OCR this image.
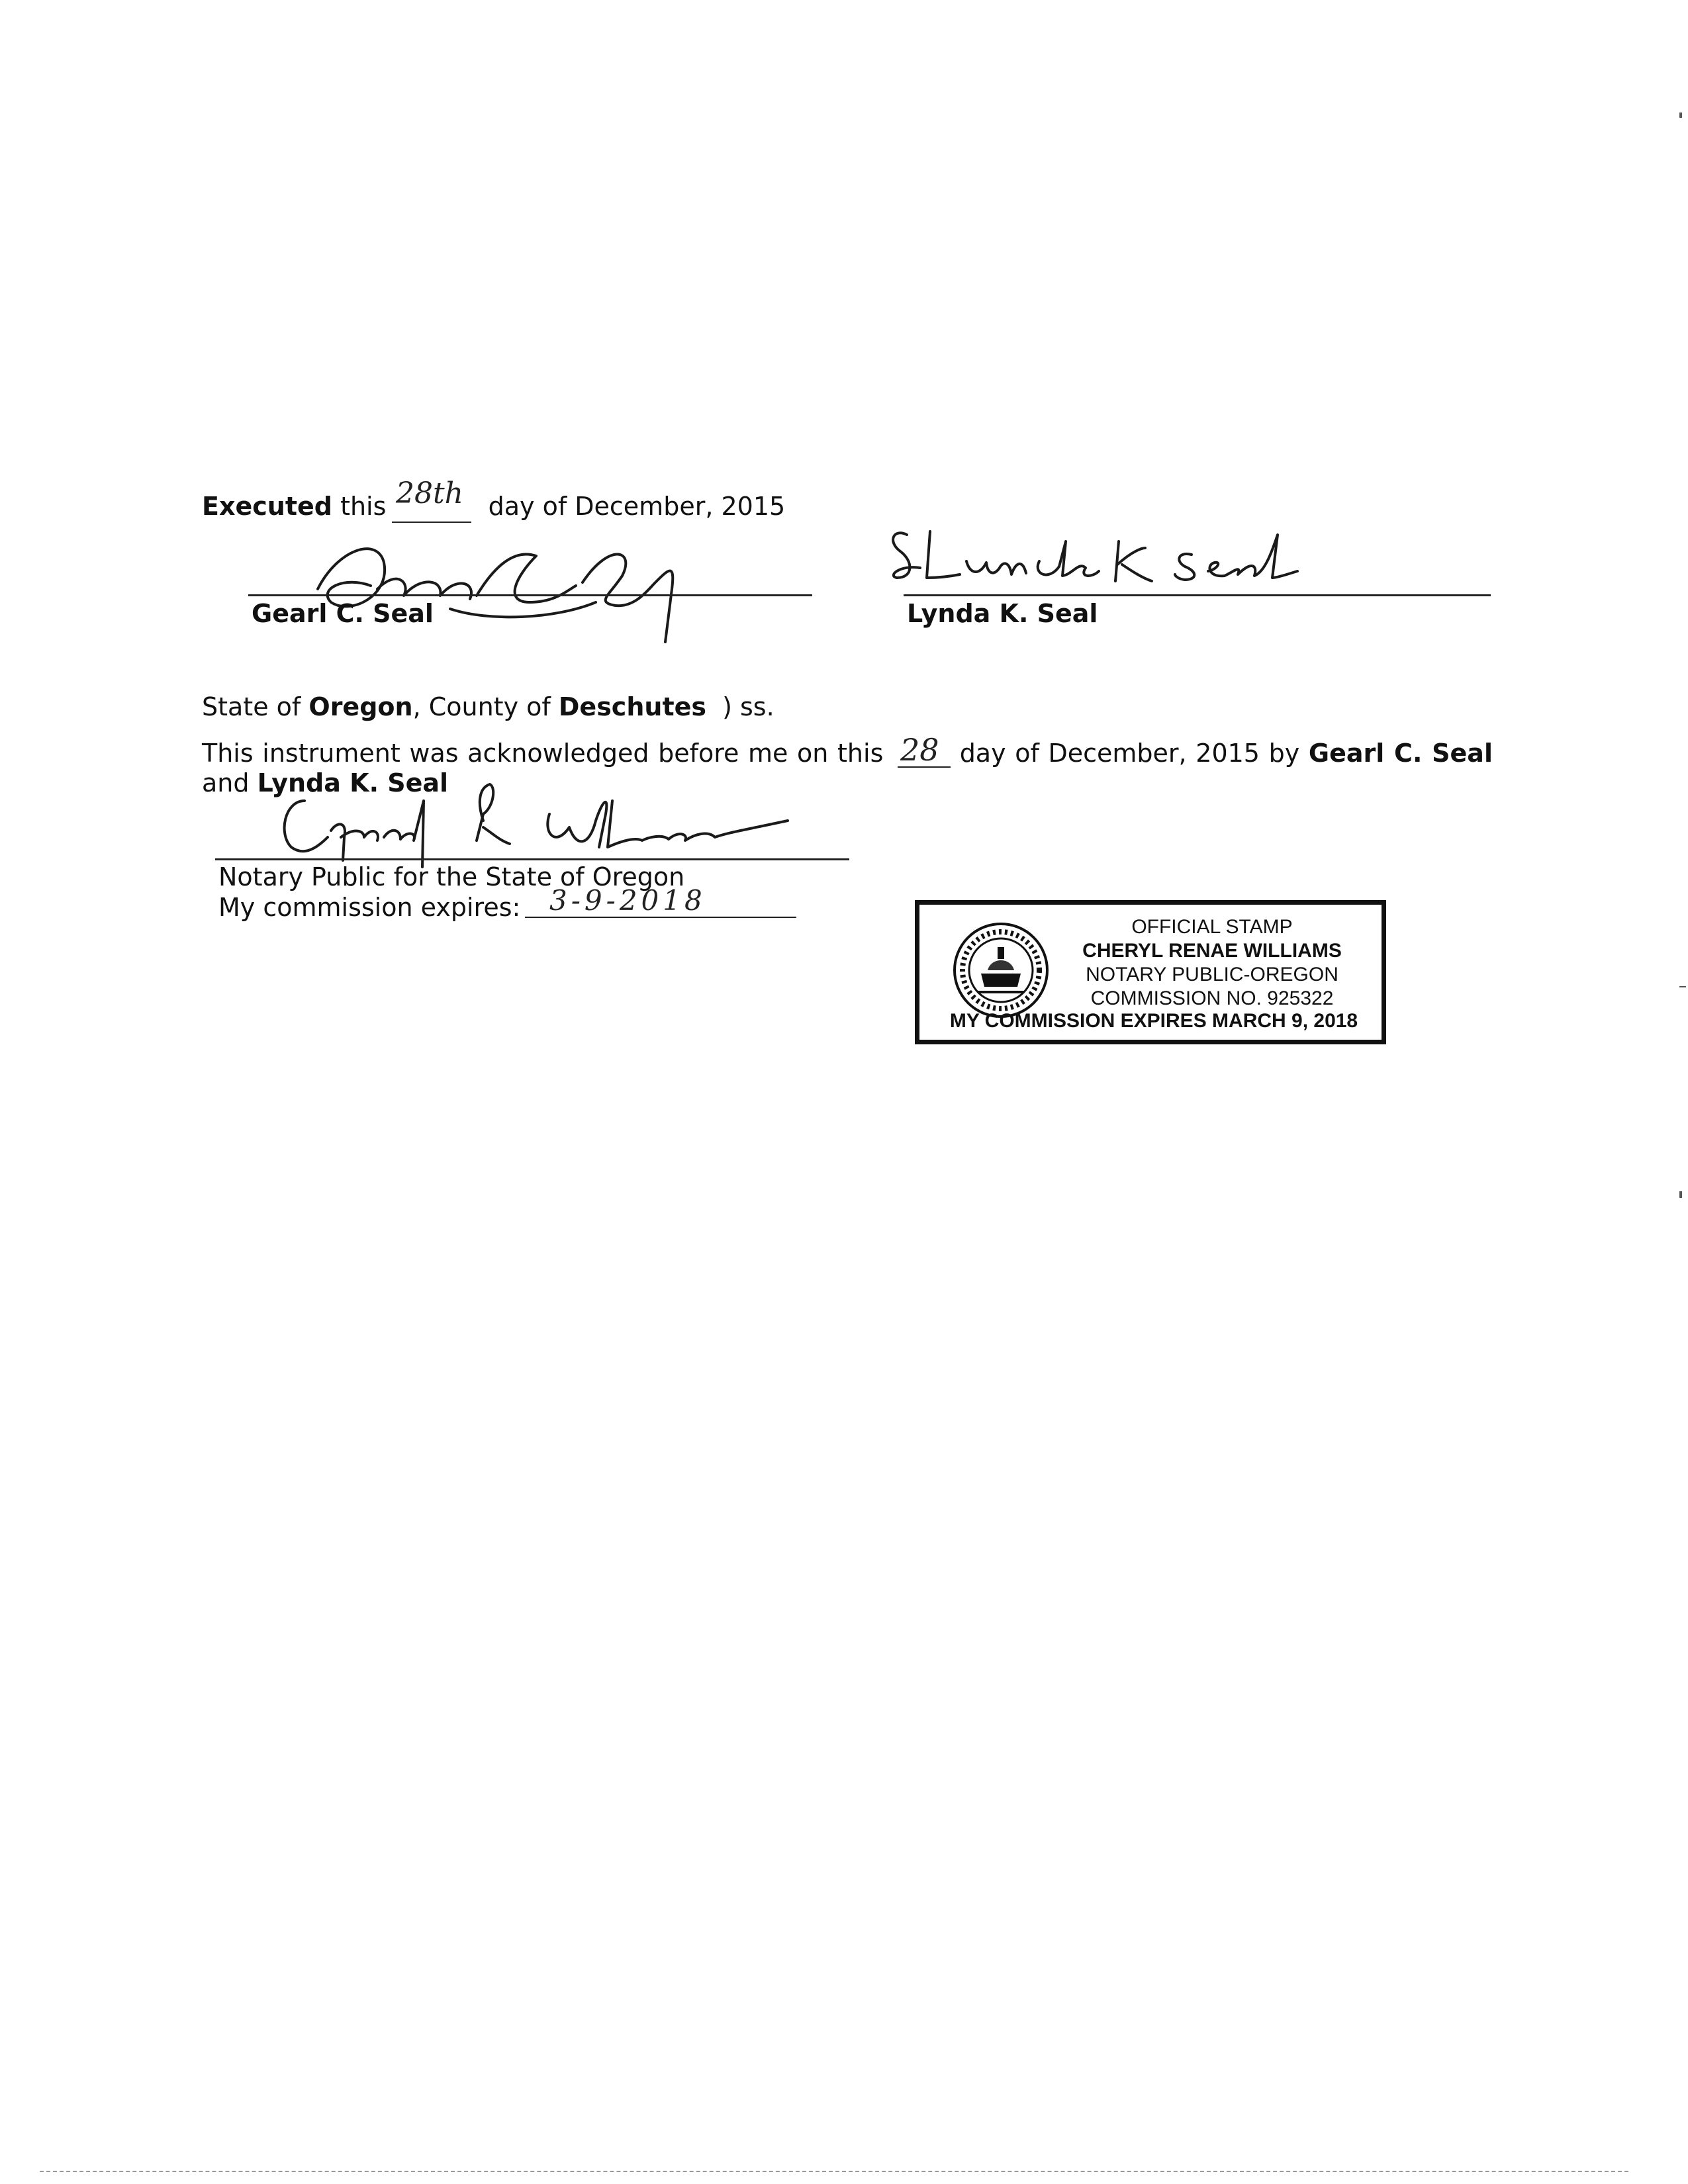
Executed this	day of December, 2015
28th
Gearl C. Seal	Lynda K. Seal
State of Oregon, County of Deschutes ) ss.
This instrument was acknowledged before me on this	day of December, 2015 by Gearl C. Seal
28
and Lynda K. Seal
Notary Public for the State of Oregon
My commission expires: 3-9-2018
OFFICIAL STAMP
CHERYL RENAE WILLIAMS
NOTARY PUBLIC-OREGON
COMMISSION NO. 925322
MY COMMISSION EXPIRES MARCH 9, 2018
